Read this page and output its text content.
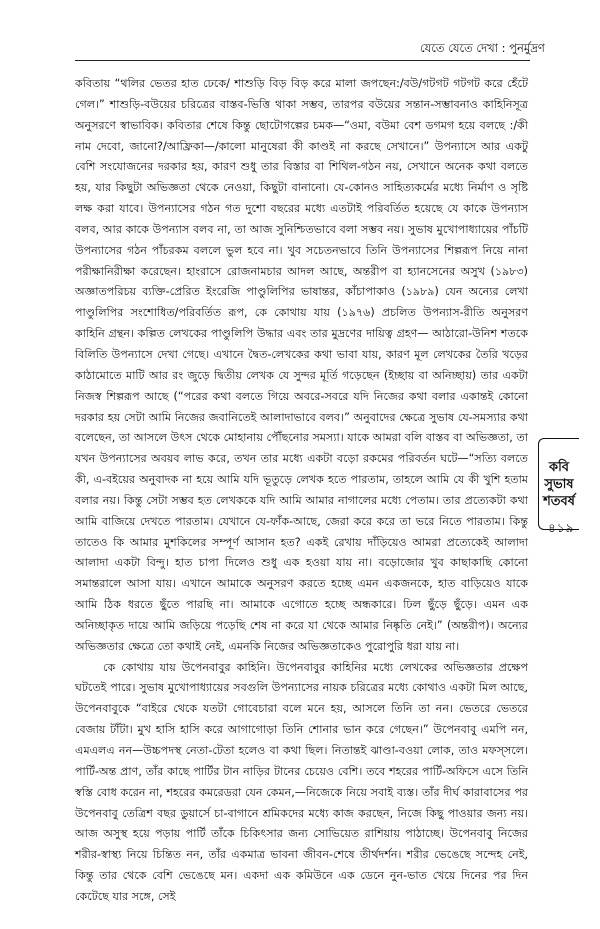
যেতে যেতে দেখা : পুনর্মুদ্রণ

কবিতায় “থলির ভেতর হাত ঢেকে/ শাশুড়ি বিড় বিড় করে মালা জপছেন:/বউ/গটগট গটগট করে হেঁটে গেল।” শাশুড়ি-বউয়ের চরিত্রের বাস্তব-ভিত্তি থাকা সম্ভব, তারপর বউয়ের সন্তান-সম্ভাবনাও কাহিনিসূত্র অনুসরণে স্বাভাবিক। কবিতার শেষে কিন্তু ছোটোগল্পের চমক—“ওমা, বউমা বেশ ডগমগ হয়ে বলছে :/কী নাম দেবো, জানো?/আফ্রিকা—/কালো মানুষেরা কী কাণ্ডই না করছে সেখানে।” উপন্যাসে আর একটু বেশি সংযোজনের দরকার হয়, কারণ শুধু তার বিস্তার বা শিথিল-গঠন নয়, সেখানে অনেক কথা বলতে হয়, যার কিছুটা অভিজ্ঞতা থেকে নেওয়া, কিছুটা বানানো। যে-কোনও সাহিত্যকর্মের মধ্যে নির্মাণ ও সৃষ্টি লক্ষ করা যাবে। উপন্যাসের গঠন গত দুশো বছরের মধ্যে এতটাই পরিবর্তিত হয়েছে যে কাকে উপন্যাস বলব, আর কাকে উপন্যাস বলব না, তা আজ সুনিশ্চিতভাবে বলা সম্ভব নয়। সুভাষ মুখোপাধ্যায়ের পাঁচটি উপন্যাসের গঠন পাঁচরকম বললে ভুল হবে না। খুব সচেতনভাবে তিনি উপন্যাসের শিল্পরূপ নিয়ে নানা পরীক্ষানিরীক্ষা করেছেন। হাংরাসে রোজনামচার আদল আছে, অন্তরীপ বা হ্যানসেনের অসুখ (১৯৮৩) অজ্ঞাতপরিচয় ব্যক্তি-প্রেরিত ইংরেজি পাণ্ডুলিপির ভাষান্তর, কাঁচাপাকাও (১৯৮৯) যেন অন্যের লেখা পাণ্ডুলিপির সংশোধিত/পরিবর্তিত রূপ, কে কোথায় যায় (১৯৭৬) প্রচলিত উপন্যাস-রীতি অনুসরণ কাহিনি গ্রন্থন। কল্পিত লেখকের পাণ্ডুলিপি উদ্ধার এবং তার মুদ্রণের দায়িত্ব গ্রহণ— আঠারো-উনিশ শতকে বিলিতি উপন্যাসে দেখা গেছে। এখানে দ্বৈত-লেখকের কথা ভাবা যায়, কারণ মূল লেখকের তৈরি খড়ের কাঠামোতে মাটি আর রং জুড়ে দ্বিতীয় লেখক যে সুন্দর মূর্তি গড়েছেন (ইচ্ছায় বা অনিচ্ছায়) তার একটা নিজস্ব শিল্পরূপ আছে (“পরের কথা বলতে গিয়ে অবরে-সবরে যদি নিজের কথা বলার একান্তই কোনো দরকার হয় সেটা আমি নিজের জবানিতেই আলাদাভাবে বলব।” অনুবাদের ক্ষেত্রে সুভাষ যে-সমস্যার কথা বলেছেন, তা আসলে উৎস থেকে মোহানায় পৌঁছনোর সমস্যা। যাকে আমরা বলি বাস্তব বা অভিজ্ঞতা, তা যখন উপন্যাসের অবয়ব লাভ করে, তখন তার মধ্যে একটা বড়ো রকমের পরিবর্তন ঘটে—“সত্যি বলতে কী, এ-বইয়ের অনুবাদক না হয়ে আমি যদি ভূতুড়ে লেখক হতে পারতাম, তাহলে আমি যে কী খুশি হতাম বলার নয়। কিন্তু সেটা সম্ভব হত লেখককে যদি আমি আমার নাগালের মধ্যে পেতাম। তার প্রত্যেকটা কথা আমি বাজিয়ে দেখতে পারতাম। যেখানে যে-ফাঁক-আছে, জেরা করে করে তা ভরে নিতে পারতাম। কিন্তু তাতেও কি আমার মুশকিলের সম্পূর্ণ আসান হত? একই রেখায় দাঁড়িয়েও আমরা প্রত্যেকেই আলাদা আলাদা একটা বিন্দু। হাত চাপা দিলেও শুধু এক হওয়া যায় না। বড়োজোর খুব কাছাকাছি কোনো সমান্তরালে আসা যায়। এখানে আমাকে অনুসরণ করতে হচ্ছে এমন একজনকে, হাত বাড়িয়েও যাকে আমি ঠিক ধরতে ছুঁতে পারছি না। আমাকে এগোতে হচ্ছে অন্ধকারে। ঢিল ছুঁড়ে ছুঁড়ে। এমন এক অনিচ্ছাকৃত দায়ে আমি জড়িয়ে পড়েছি শেষ না করে যা থেকে আমার নিষ্কৃতি নেই।” (অন্তরীপ)। অন্যের অভিজ্ঞতার ক্ষেত্রে তো কথাই নেই, এমনকি নিজের অভিজ্ঞতাকেও পুরোপুরি ধরা যায় না।

কে কোথায় যায় উপেনবাবুর কাহিনি। উপেনবাবুর কাহিনির মধ্যে লেখকের অভিজ্ঞতার প্রক্ষেপ ঘটতেই পারে। সুভাষ মুখোপাধ্যায়ের সবগুলি উপন্যাসের নায়ক চরিত্রের মধ্যে কোথাও একটা মিল আছে, উপেনবাবুকে “বাইরে থেকে যতটা গোবেচারা বলে মনে হয়, আসলে তিনি তা নন। ভেতরে ভেতরে বেজায় টাঁটা। মুখ হাসি হাসি করে আগাগোড়া তিনি শোনার ভান করে গেছেন।” উপেনবাবু এমপি নন, এমএলএ নন—উচ্চপদস্থ নেতা-টেতা হলেও বা কথা ছিল। নিতান্তই ঝাণ্ডা-বওয়া লোক, তাও মফস্সলে। পার্টি-অন্ত প্রাণ, তাঁর কাছে পার্টির টান নাড়ির টানের চেয়েও বেশি। তবে শহরের পার্টি-অফিসে এসে তিনি স্বস্তি বোধ করেন না, শহরের কমরেডরা যেন কেমন,—নিজেকে নিয়ে সবাই ব্যস্ত। তাঁর দীর্ঘ কারাবাসের পর উপেনবাবু তেত্রিশ বছর ডুয়ার্সে চা-বাগানে শ্রমিকদের মধ্যে কাজ করছেন, নিজে কিছু পাওয়ার জন্য নয়। আজ অসুস্থ হয়ে পড়ায় পার্টি তাঁকে চিকিৎসার জন্য সোভিয়েত রাশিয়ায় পাঠাচ্ছে। উপেনবাবু নিজের শরীর-স্বাস্থ্য নিয়ে চিন্তিত নন, তাঁর একমাত্র ভাবনা জীবন-শেষে তীর্থদর্শন। শরীর ভেঙেছে সন্দেহ নেই, কিন্তু তার থেকে বেশি ভেঙেছে মন। একদা এক কমিউনে এক ডেনে নুন-ভাত খেয়ে দিনের পর দিন কেটেছে যার সঙ্গে, সেই

কবি
সুভাষ
শতবর্ষ
৪১৯
